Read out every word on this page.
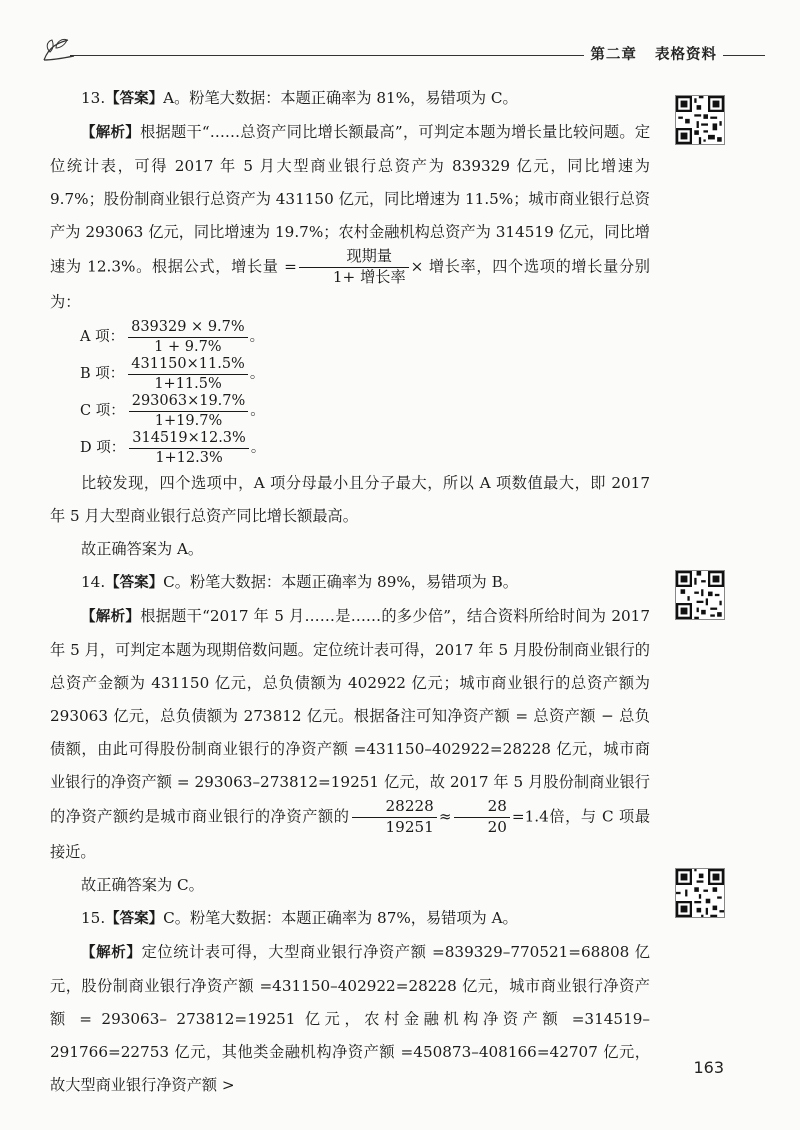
第二章 表格资料

13.【答案】A。粉笔大数据：本题正确率为 81%，易错项为 C。

【解析】根据题干“……总资产同比增长额最高”，可判定本题为增长量比较问题。定位统计表，可得 2017 年 5 月大型商业银行总资产为 839329 亿元，同比增速为 9.7%；股份制商业银行总资产为 431150 亿元，同比增速为 11.5%；城市商业银行总资产为 293063 亿元，同比增速为 19.7%；农村金融机构总资产为 314519 亿元，同比增速为 12.3%。根据公式，增长量 = $\frac{\text{现期量}}{\text{1+ 增长率}}$ × 增长率，四个选项的增长量分别为：

A 项： $\frac{839329 \times 9.7\%}{1 + 9.7\%}$ 。
B 项： $\frac{431150\times 11.5\%}{1+11.5\%}$ 。
C 项： $\frac{293063\times 19.7\%}{1+19.7\%}$ 。
D 项： $\frac{314519\times 12.3\%}{1+12.3\%}$ 。

比较发现，四个选项中，A 项分母最小且分子最大，所以 A 项数值最大，即 2017 年 5 月大型商业银行总资产同比增长额最高。

故正确答案为 A。

14.【答案】C。粉笔大数据：本题正确率为 89%，易错项为 B。

【解析】根据题干“2017 年 5 月……是……的多少倍”，结合资料所给时间为 2017 年 5 月，可判定本题为现期倍数问题。定位统计表可得，2017 年 5 月股份制商业银行的总资产金额为 431150 亿元，总负债额为 402922 亿元；城市商业银行的总资产额为 293063 亿元，总负债额为 273812 亿元。根据备注可知净资产额 = 总资产额 − 总负债额，由此可得股份制商业银行的净资产额 =431150–402922=28228 亿元，城市商业银行的净资产额 = 293063–273812=19251 亿元，故 2017 年 5 月股份制商业银行的净资产额约是城市商业银行的净资产额的 $\frac{28228}{19251} \approx \frac{28}{20} =1.4$倍，与 C 项最接近。

故正确答案为 C。

15.【答案】C。粉笔大数据：本题正确率为 87%，易错项为 A。

【解析】定位统计表可得，大型商业银行净资产额 =839329–770521=68808 亿元，股份制商业银行净资产额 =431150–402922=28228 亿元，城市商业银行净资产额 = 293063– 273812=19251 亿元，农村金融机构净资产额 =314519–291766=22753 亿元，其他类金融机构净资产额 =450873–408166=42707 亿元，故大型商业银行净资产额 >

163
